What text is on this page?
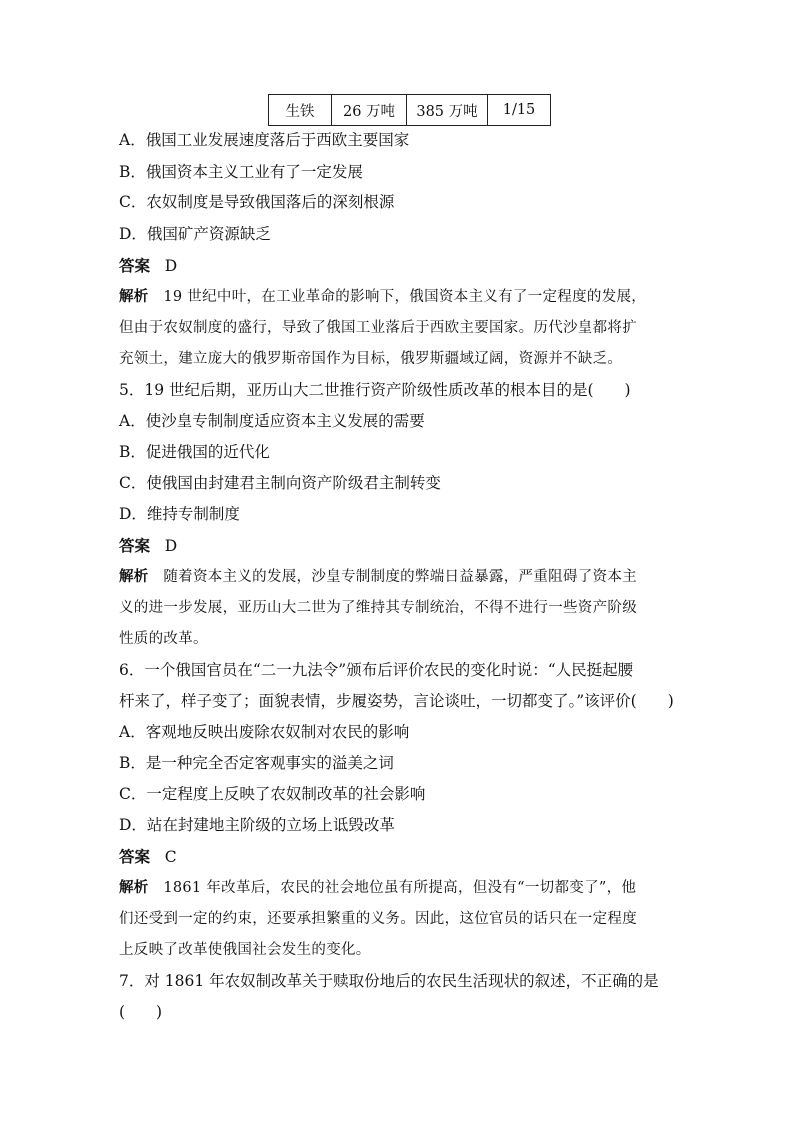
生铁	26 万吨	385 万吨	1/15
A．俄国工业发展速度落后于西欧主要国家
B．俄国资本主义工业有了一定发展
C．农奴制度是导致俄国落后的深刻根源
D．俄国矿产资源缺乏
答案 D
解析 19 世纪中叶，在工业革命的影响下，俄国资本主义有了一定程度的发展，
但由于农奴制度的盛行，导致了俄国工业落后于西欧主要国家。历代沙皇都将扩
充领土，建立庞大的俄罗斯帝国作为目标，俄罗斯疆域辽阔，资源并不缺乏。
5．19 世纪后期，亚历山大二世推行资产阶级性质改革的根本目的是(　　)
A．使沙皇专制制度适应资本主义发展的需要
B．促进俄国的近代化
C．使俄国由封建君主制向资产阶级君主制转变
D．维持专制制度
答案 D
解析 随着资本主义的发展，沙皇专制制度的弊端日益暴露，严重阻碍了资本主
义的进一步发展，亚历山大二世为了维持其专制统治，不得不进行一些资产阶级
性质的改革。
6．一个俄国官员在“二一九法令”颁布后评价农民的变化时说：“人民挺起腰
杆来了，样子变了；面貌表情，步履姿势，言论谈吐，一切都变了。”该评价(　　)
A．客观地反映出废除农奴制对农民的影响
B．是一种完全否定客观事实的溢美之词
C．一定程度上反映了农奴制改革的社会影响
D．站在封建地主阶级的立场上诋毁改革
答案 C
解析 1861 年改革后，农民的社会地位虽有所提高，但没有“一切都变了”，他
们还受到一定的约束，还要承担繁重的义务。因此，这位官员的话只在一定程度
上反映了改革使俄国社会发生的变化。
7．对 1861 年农奴制改革关于赎取份地后的农民生活现状的叙述，不正确的是
(　　)
